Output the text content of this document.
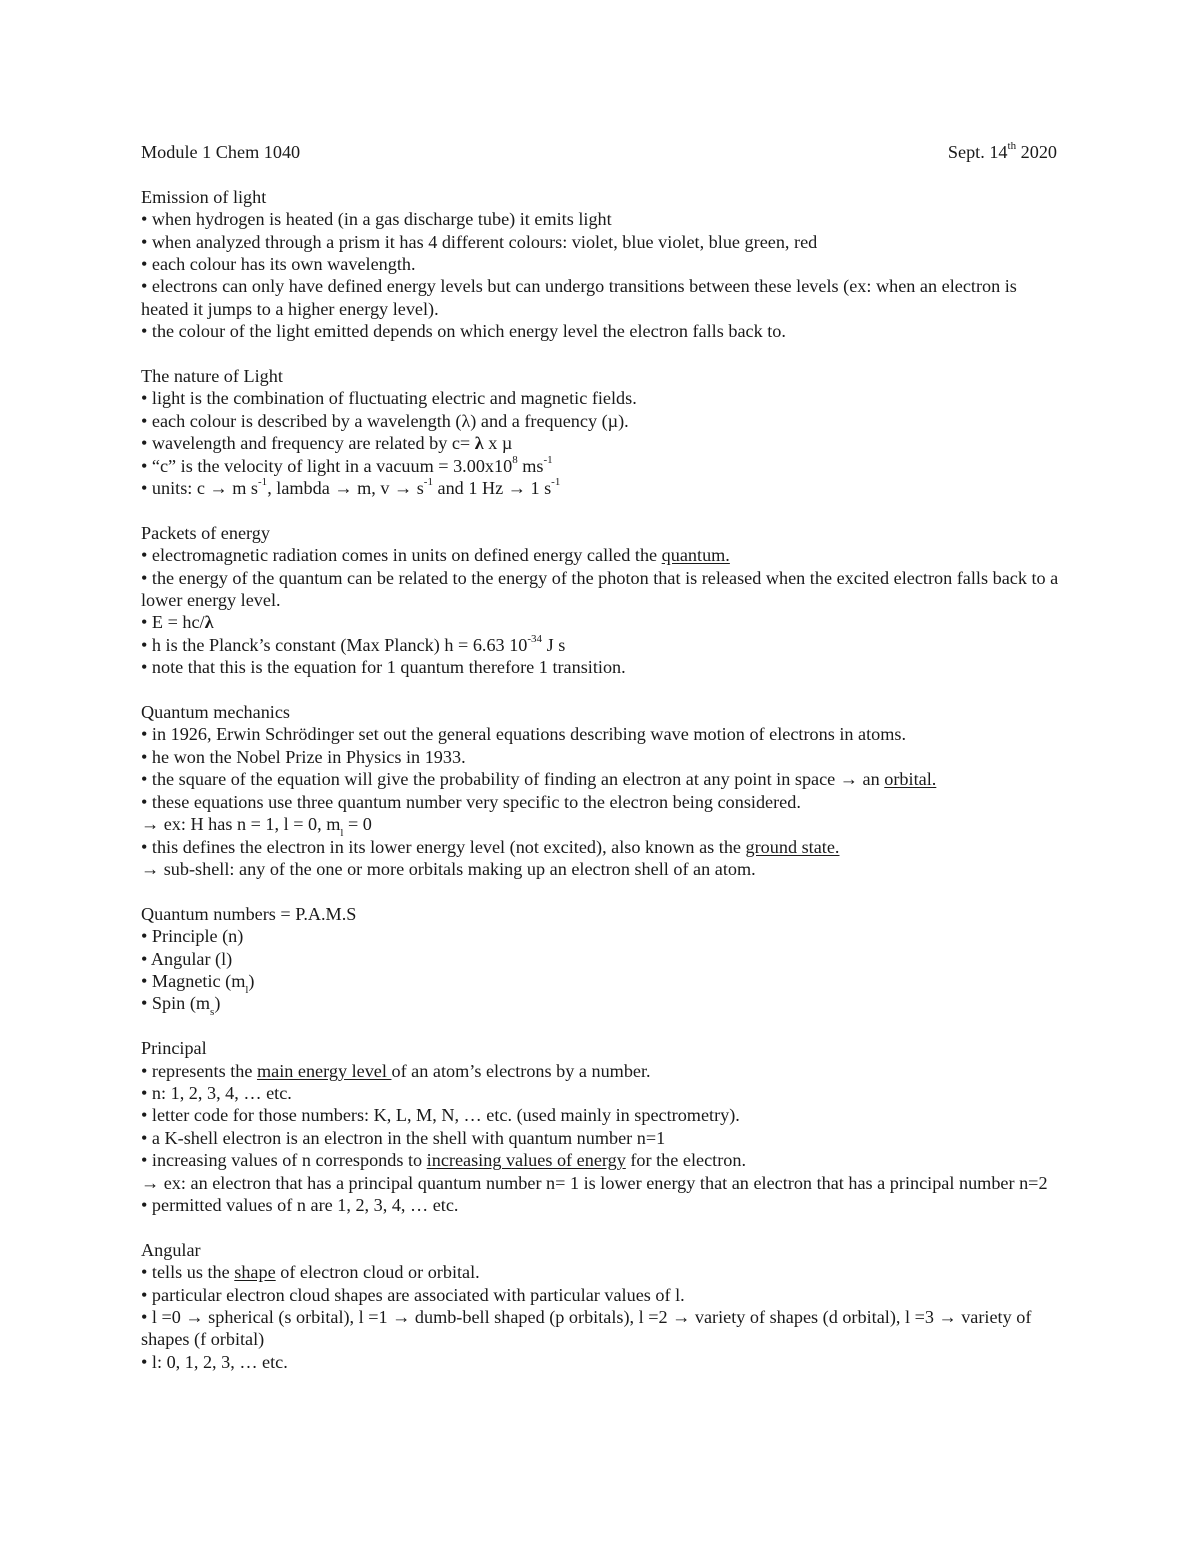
Module 1 Chem 1040	Sept. 14th 2020
Emission of light
• when hydrogen is heated (in a gas discharge tube) it emits light
• when analyzed through a prism it has 4 different colours: violet, blue violet, blue green, red
• each colour has its own wavelength.
• electrons can only have defined energy levels but can undergo transitions between these levels (ex: when an electron is heated it jumps to a higher energy level).
• the colour of the light emitted depends on which energy level the electron falls back to.
The nature of Light
• light is the combination of fluctuating electric and magnetic fields.
• each colour is described by a wavelength (λ) and a frequency (µ).
• wavelength and frequency are related by c= λ x µ
• “c” is the velocity of light in a vacuum = $3.00x10^8$ $ms^{-1}$
• units: c → m $s^{-1}$, lambda → m, $v \to s^{-1}$ and 1 Hz → 1 $s^{-1}$
Packets of energy
• electromagnetic radiation comes in units on defined energy called the quantum.
• the energy of the quantum can be related to the energy of the photon that is released when the excited electron falls back to a lower energy level.
• E = hc/λ
• h is the Planck’s constant (Max Planck) h = 6.63 $10^{-34}$ J s
• note that this is the equation for 1 quantum therefore 1 transition.
Quantum mechanics
• in 1926, Erwin Schrödinger set out the general equations describing wave motion of electrons in atoms.
• he won the Nobel Prize in Physics in 1933.
• the square of the equation will give the probability of finding an electron at any point in space → an orbital.
• these equations use three quantum number very specific to the electron being considered.
→ ex: H has n = 1, l = 0, $m_l = 0$
• this defines the electron in its lower energy level (not excited), also known as the ground state.
→ sub-shell: any of the one or more orbitals making up an electron shell of an atom.
Quantum numbers = P.A.M.S
• Principle (n)
• Angular (l)
• Magnetic $(m_l)$
• Spin $(m_s)$
Principal
• represents the main energy level of an atom’s electrons by a number.
• n: 1, 2, 3, 4, … etc.
• letter code for those numbers: K, L, M, N, … etc. (used mainly in spectrometry).
• a K-shell electron is an electron in the shell with quantum number n=1
• increasing values of n corresponds to increasing values of energy for the electron.
→ ex: an electron that has a principal quantum number n= 1 is lower energy that an electron that has a principal number n=2
• permitted values of n are 1, 2, 3, 4, … etc.
Angular
• tells us the shape of electron cloud or orbital.
• particular electron cloud shapes are associated with particular values of l.
• l =0 → spherical (s orbital), l =1 → dumb-bell shaped (p orbitals), l =2 → variety of shapes (d orbital), l =3 → variety of shapes (f orbital)
• l: 0, 1, 2, 3, … etc.
